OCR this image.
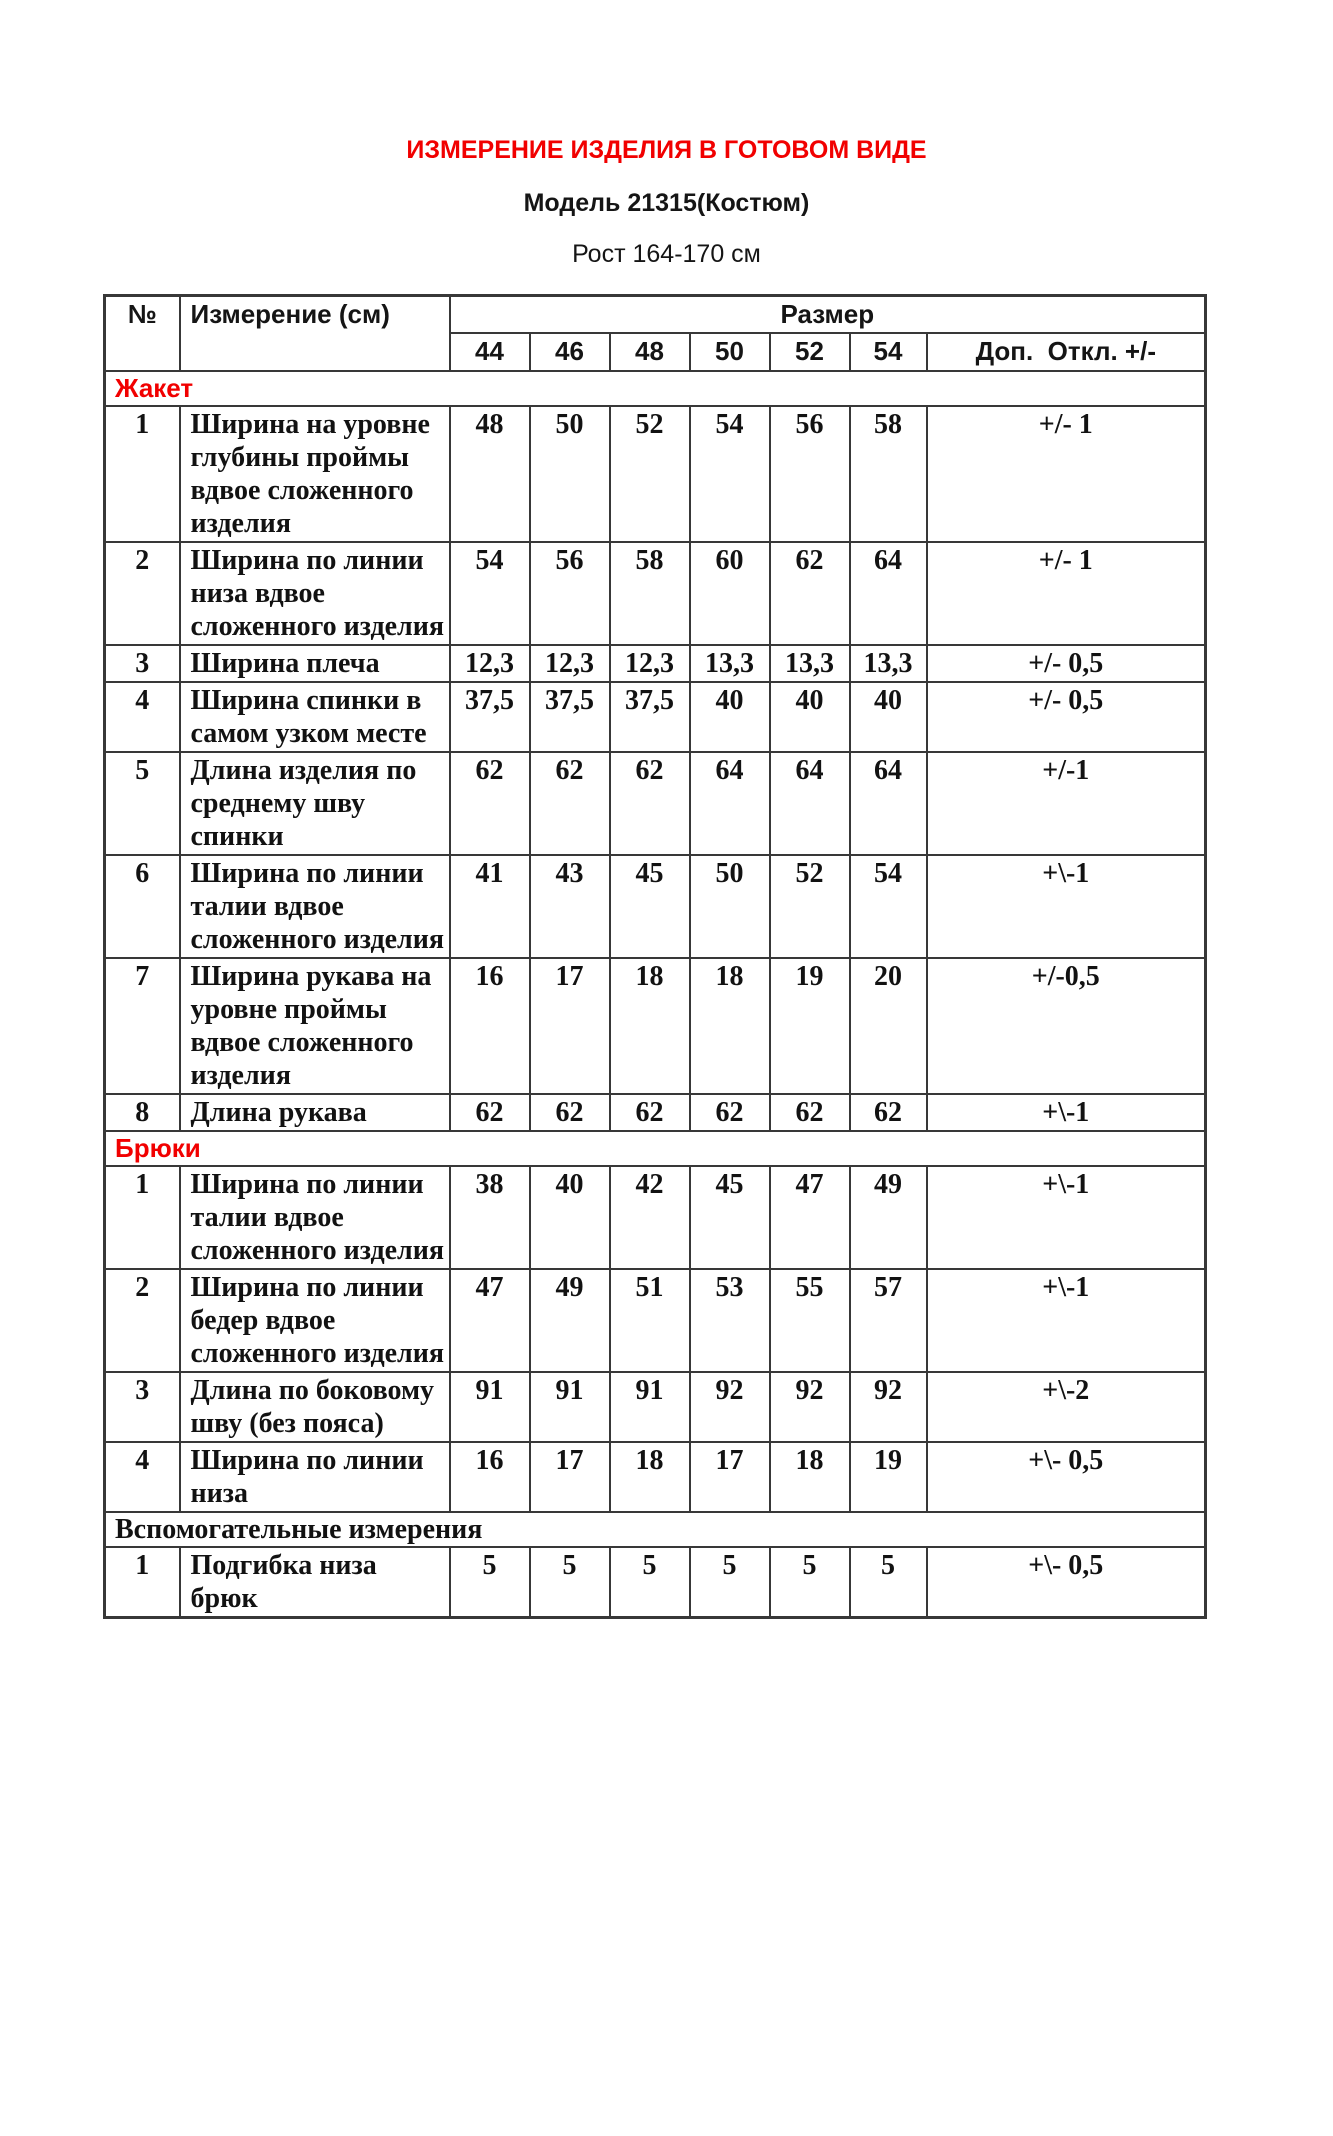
ИЗМЕРЕНИЕ ИЗДЕЛИЯ В ГОТОВОМ ВИДЕ
Модель 21315(Костюм)
Рост 164-170 см
№	Измерение (см)	Размер						
		44	46	48	50	52	54	Доп.  Откл. +/-
Жакет								
1	Ширина на уровне глубины проймы вдвое сложенного изделия	48	50	52	54	56	58	+/- 1
2	Ширина по линии низа вдвое сложенного изделия	54	56	58	60	62	64	+/- 1
3	Ширина плеча	12,3	12,3	12,3	13,3	13,3	13,3	+/- 0,5
4	Ширина спинки в самом узком месте	37,5	37,5	37,5	40	40	40	+/- 0,5
5	Длина изделия по среднему шву спинки	62	62	62	64	64	64	+/-1
6	Ширина по линии талии вдвое сложенного изделия	41	43	45	50	52	54	+\-1
7	Ширина рукава на уровне проймы вдвое сложенного изделия	16	17	18	18	19	20	+/-0,5
8	Длина рукава	62	62	62	62	62	62	+\-1
Брюки								
1	Ширина по линии талии вдвое сложенного изделия	38	40	42	45	47	49	+\-1
2	Ширина по линии бедер вдвое сложенного изделия	47	49	51	53	55	57	+\-1
3	Длина по боковому шву (без пояса)	91	91	91	92	92	92	+\-2
4	Ширина по линии низа	16	17	18	17	18	19	+\- 0,5
Вспомогательные измерения								
1	Подгибка низа брюк	5	5	5	5	5	5	+\- 0,5
